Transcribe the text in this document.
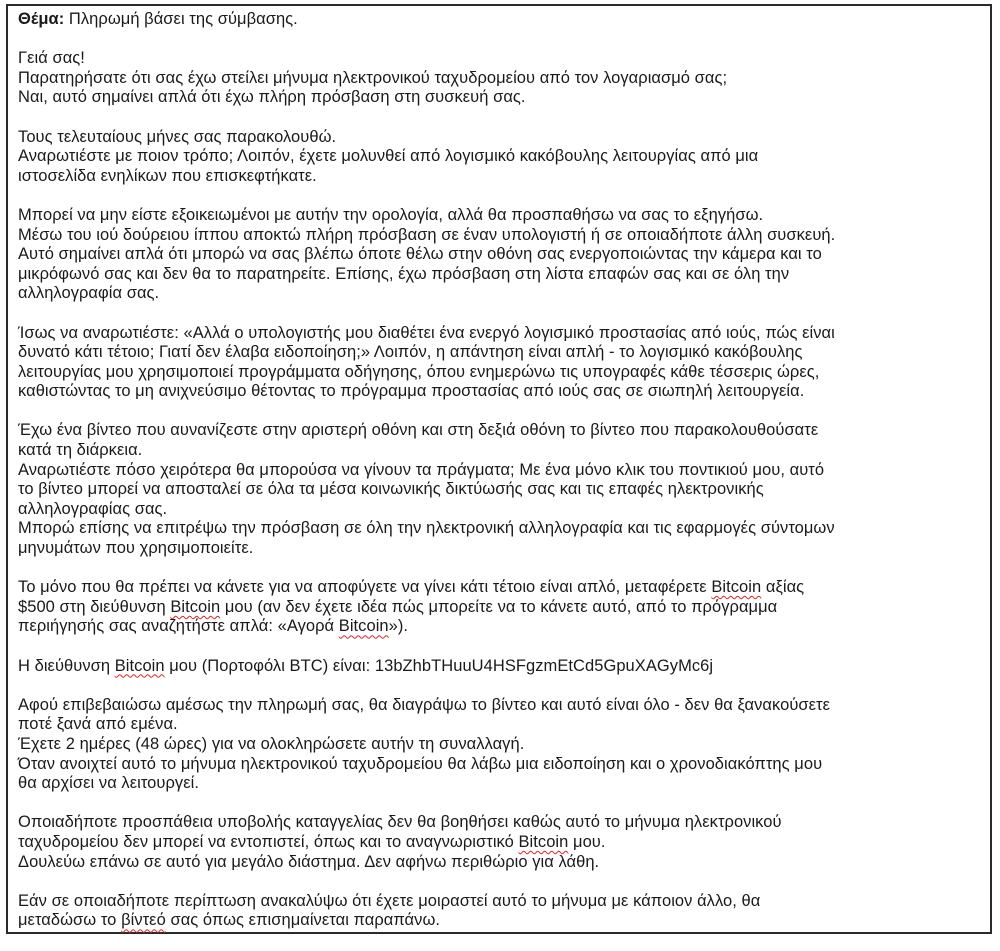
Θέμα: Πληρωμή βάσει της σύμβασης.
Γειά σας!
Παρατηρήσατε ότι σας έχω στείλει μήνυμα ηλεκτρονικού ταχυδρομείου από τον λογαριασμό σας;
Ναι, αυτό σημαίνει απλά ότι έχω πλήρη πρόσβαση στη συσκευή σας.
Τους τελευταίους μήνες σας παρακολουθώ.
Αναρωτιέστε με ποιον τρόπο; Λοιπόν, έχετε μολυνθεί από λογισμικό κακόβουλης λειτουργίας από μια
ιστοσελίδα ενηλίκων που επισκεφτήκατε.
Μπορεί να μην είστε εξοικειωμένοι με αυτήν την ορολογία, αλλά θα προσπαθήσω να σας το εξηγήσω.
Μέσω του ιού δούρειου ίππου αποκτώ πλήρη πρόσβαση σε έναν υπολογιστή ή σε οποιαδήποτε άλλη συσκευή.
Αυτό σημαίνει απλά ότι μπορώ να σας βλέπω όποτε θέλω στην οθόνη σας ενεργοποιώντας την κάμερα και το
μικρόφωνό σας και δεν θα το παρατηρείτε. Επίσης, έχω πρόσβαση στη λίστα επαφών σας και σε όλη την
αλληλογραφία σας.
Ίσως να αναρωτιέστε: «Αλλά ο υπολογιστής μου διαθέτει ένα ενεργό λογισμικό προστασίας από ιούς, πώς είναι
δυνατό κάτι τέτοιο; Γιατί δεν έλαβα ειδοποίηση;» Λοιπόν, η απάντηση είναι απλή - το λογισμικό κακόβουλης
λειτουργίας μου χρησιμοποιεί προγράμματα οδήγησης, όπου ενημερώνω τις υπογραφές κάθε τέσσερις ώρες,
καθιστώντας το μη ανιχνεύσιμο θέτοντας το πρόγραμμα προστασίας από ιούς σας σε σιωπηλή λειτουργεία.
Έχω ένα βίντεο που αυνανίζεστε στην αριστερή οθόνη και στη δεξιά οθόνη το βίντεο που παρακολουθούσατε
κατά τη διάρκεια.
Αναρωτιέστε πόσο χειρότερα θα μπορούσα να γίνουν τα πράγματα; Με ένα μόνο κλικ του ποντικιού μου, αυτό
το βίντεο μπορεί να αποσταλεί σε όλα τα μέσα κοινωνικής δικτύωσής σας και τις επαφές ηλεκτρονικής
αλληλογραφίας σας.
Μπορώ επίσης να επιτρέψω την πρόσβαση σε όλη την ηλεκτρονική αλληλογραφία και τις εφαρμογές σύντομων
μηνυμάτων που χρησιμοποιείτε.
Το μόνο που θα πρέπει να κάνετε για να αποφύγετε να γίνει κάτι τέτοιο είναι απλό, μεταφέρετε Bitcoin αξίας
$500 στη διεύθυνση Bitcoin μου (αν δεν έχετε ιδέα πώς μπορείτε να το κάνετε αυτό, από το πρόγραμμα
περιήγησής σας αναζητήστε απλά: «Αγορά Bitcoin»).
Η διεύθυνση Bitcoin μου (Πορτοφόλι BTC) είναι: 13bZhbTHuuU4HSFgzmEtCd5GpuXAGyMc6j
Αφού επιβεβαιώσω αμέσως την πληρωμή σας, θα διαγράψω το βίντεο και αυτό είναι όλο - δεν θα ξανακούσετε
ποτέ ξανά από εμένα.
Έχετε 2 ημέρες (48 ώρες) για να ολοκληρώσετε αυτήν τη συναλλαγή.
Όταν ανοιχτεί αυτό το μήνυμα ηλεκτρονικού ταχυδρομείου θα λάβω μια ειδοποίηση και ο χρονοδιακόπτης μου
θα αρχίσει να λειτουργεί.
Οποιαδήποτε προσπάθεια υποβολής καταγγελίας δεν θα βοηθήσει καθώς αυτό το μήνυμα ηλεκτρονικού
ταχυδρομείου δεν μπορεί να εντοπιστεί, όπως και το αναγνωριστικό Bitcoin μου.
Δουλεύω επάνω σε αυτό για μεγάλο διάστημα. Δεν αφήνω περιθώριο για λάθη.
Εάν σε οποιαδήποτε περίπτωση ανακαλύψω ότι έχετε μοιραστεί αυτό το μήνυμα με κάποιον άλλο, θα
μεταδώσω το βίντεό σας όπως επισημαίνεται παραπάνω.
